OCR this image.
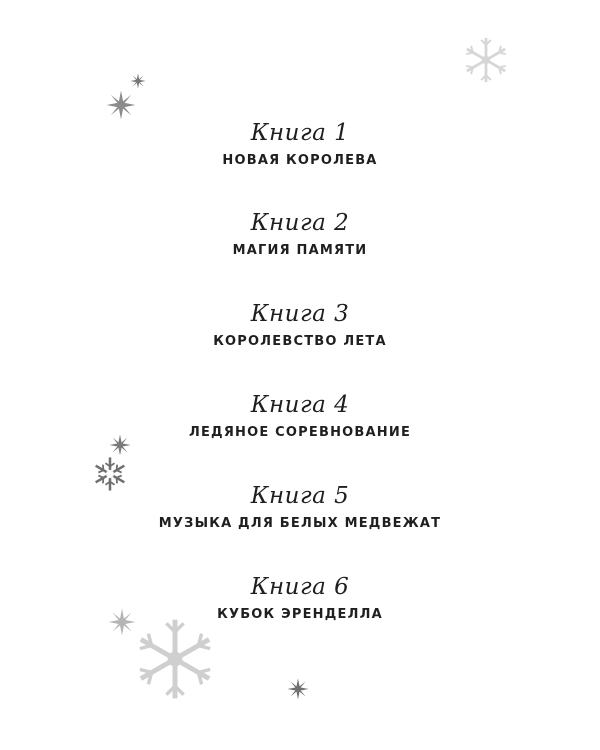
Книга 1
НОВАЯ КОРОЛЕВА
Книга 2
МАГИЯ ПАМЯТИ
Книга 3
КОРОЛЕВСТВО ЛЕТА
Книга 4
ЛЕДЯНОЕ СОРЕВНОВАНИЕ
Книга 5
МУЗЫКА ДЛЯ БЕЛЫХ МЕДВЕЖАТ
Книга 6
КУБОК ЭРЕНДЕЛЛА
